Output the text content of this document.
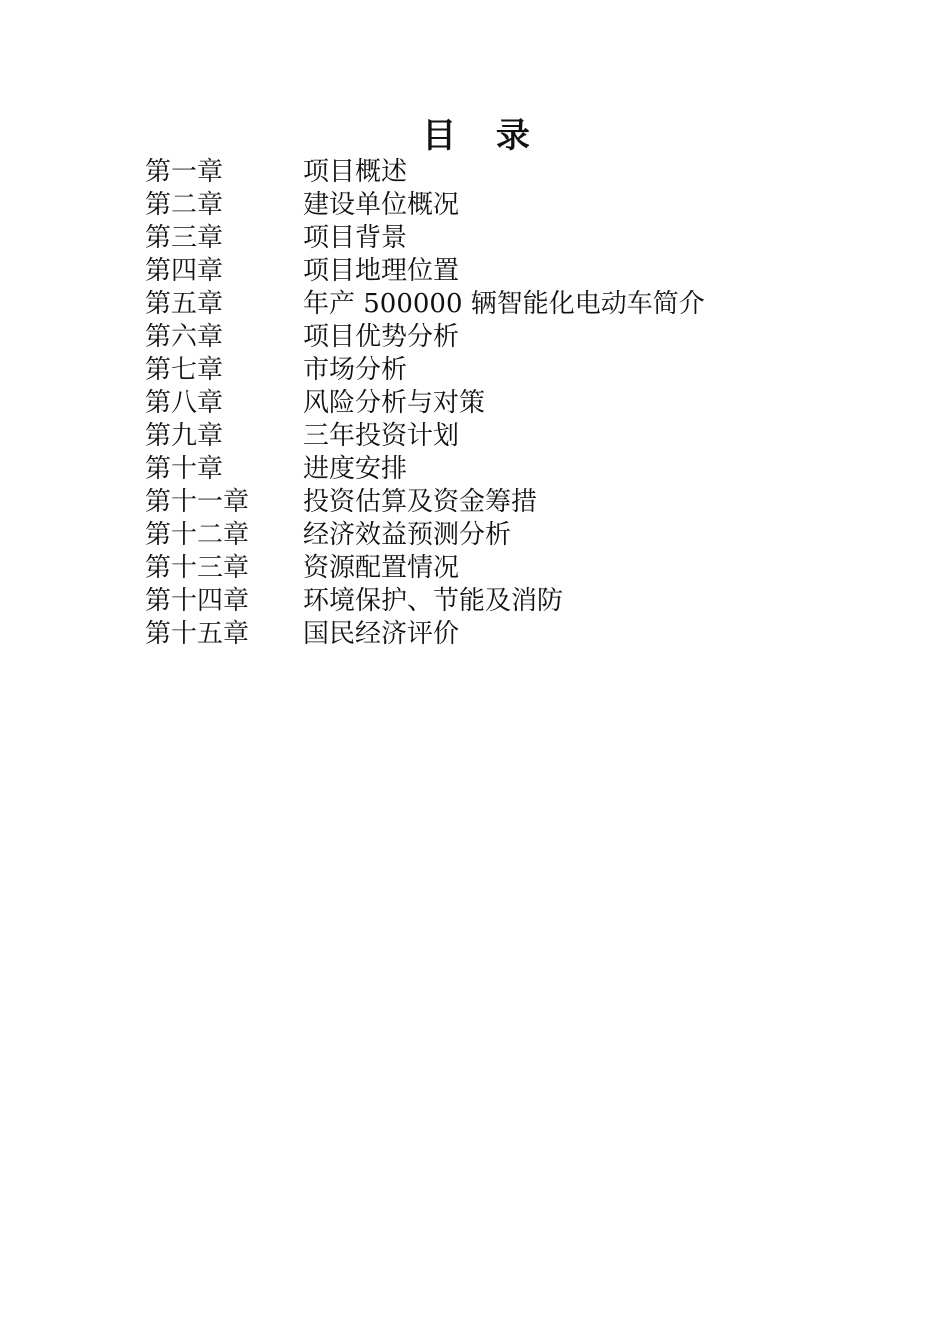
目 录
第一章	项目概述
第二章	建设单位概况
第三章	项目背景
第四章	项目地理位置
第五章	年产 500000 辆智能化电动车简介
第六章	项目优势分析
第七章	市场分析
第八章	风险分析与对策
第九章	三年投资计划
第十章	进度安排
第十一章	投资估算及资金筹措
第十二章	经济效益预测分析
第十三章	资源配置情况
第十四章	环境保护、节能及消防
第十五章	国民经济评价
